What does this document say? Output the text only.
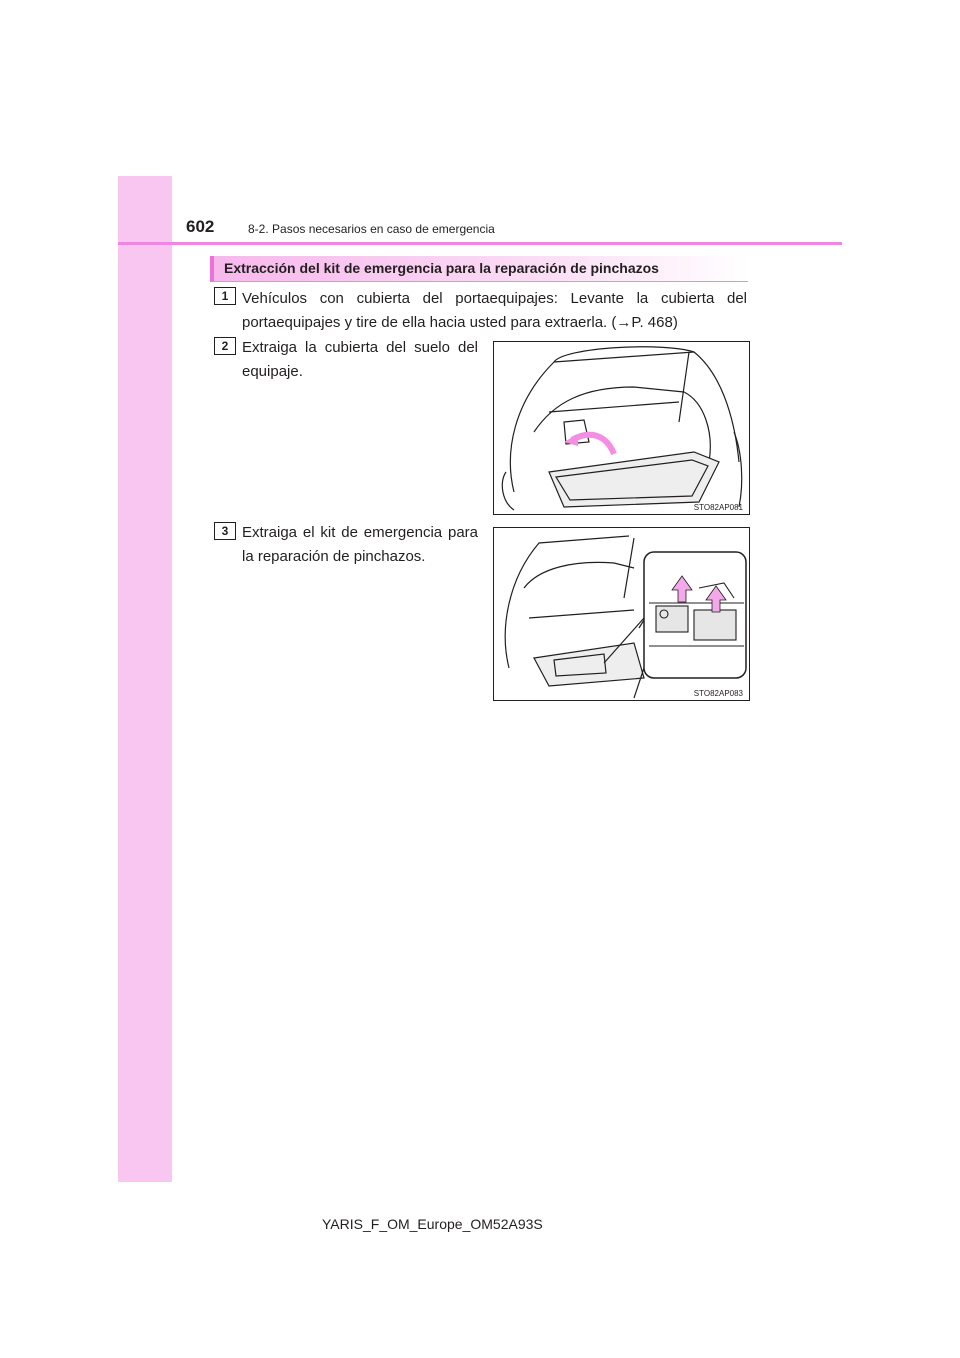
602	8-2. Pasos necesarios en caso de emergencia
Extracción del kit de emergencia para la reparación de pinchazos
1 Vehículos con cubierta del portaequipajes: Levante la cubierta del portaequipajes y tire de ella hacia usted para extraerla. (→P. 468)
2 Extraiga la cubierta del suelo del equipaje.
STO82AP081
3 Extraiga el kit de emergencia para la reparación de pinchazos.
STO82AP083
YARIS_F_OM_Europe_OM52A93S
